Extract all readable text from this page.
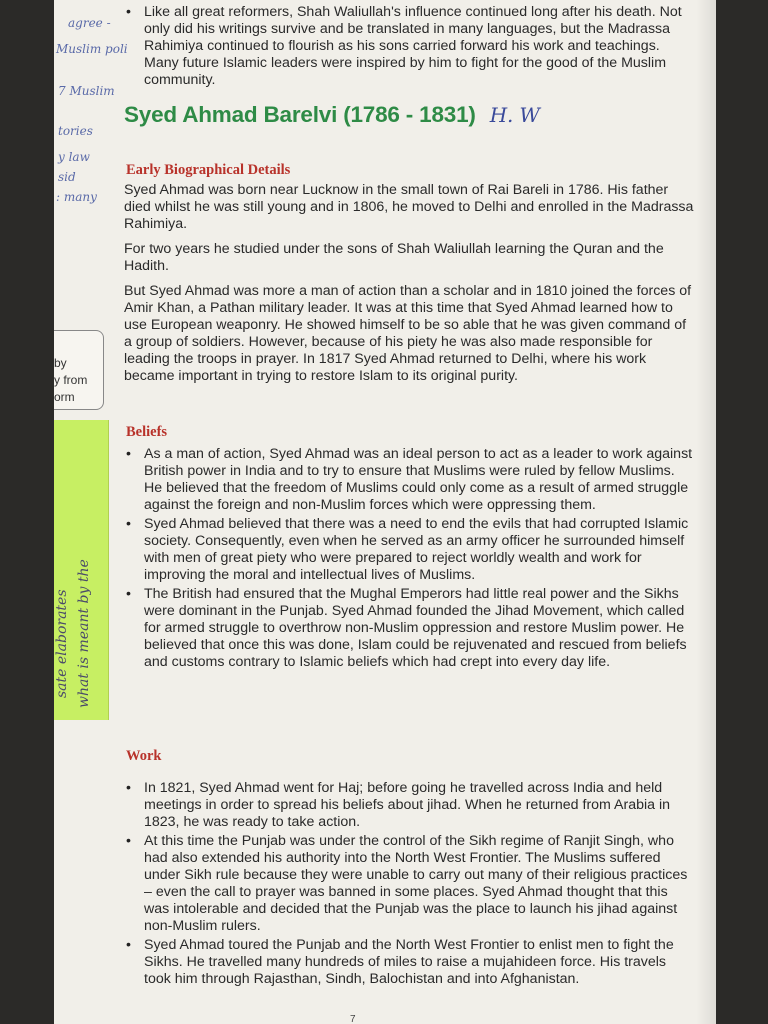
agree -
Muslim poli
7 Muslim
tories
y law
sid
: many

• Like all great reformers, Shah Waliullah's influence continued long after his death. Not only did his writings survive and be translated in many languages, but the Madrassa Rahimiya continued to flourish as his sons carried forward his work and teachings. Many future Islamic leaders were inspired by him to fight for the good of the Muslim community.

Syed Ahmad Barelvi (1786 - 1831) H. W
Early Biographical Details

Syed Ahmad was born near Lucknow in the small town of Rai Bareli in 1786. His father died whilst he was still young and in 1806, he moved to Delhi and enrolled in the Madrassa Rahimiya.

For two years he studied under the sons of Shah Waliullah learning the Quran and the Hadith.

But Syed Ahmad was more a man of action than a scholar and in 1810 joined the forces of Amir Khan, a Pathan military leader. It was at this time that Syed Ahmad learned how to use European weaponry. He showed himself to be so able that he was given command of a group of soldiers. However, because of his piety he was also made responsible for leading the troops in prayer. In 1817 Syed Ahmad returned to Delhi, where his work became important in trying to restore Islam to its original purity.

by
y from
orm
what is meant by the
sate elaborates
Beliefs

• As a man of action, Syed Ahmad was an ideal person to act as a leader to work against British power in India and to try to ensure that Muslims were ruled by fellow Muslims. He believed that the freedom of Muslims could only come as a result of armed struggle against the foreign and non-Muslim forces which were oppressing them.

• Syed Ahmad believed that there was a need to end the evils that had corrupted Islamic society. Consequently, even when he served as an army officer he surrounded himself with men of great piety who were prepared to reject worldly wealth and work for improving the moral and intellectual lives of Muslims.

• The British had ensured that the Mughal Emperors had little real power and the Sikhs were dominant in the Punjab. Syed Ahmad founded the Jihad Movement, which called for armed struggle to overthrow non-Muslim oppression and restore Muslim power. He believed that once this was done, Islam could be rejuvenated and rescued from beliefs and customs contrary to Islamic beliefs which had crept into every day life.

Work

• In 1821, Syed Ahmad went for Haj; before going he travelled across India and held meetings in order to spread his beliefs about jihad. When he returned from Arabia in 1823, he was ready to take action.

• At this time the Punjab was under the control of the Sikh regime of Ranjit Singh, who had also extended his authority into the North West Frontier. The Muslims suffered under Sikh rule because they were unable to carry out many of their religious practices – even the call to prayer was banned in some places. Syed Ahmad thought that this was intolerable and decided that the Punjab was the place to launch his jihad against non-Muslim rulers.

• Syed Ahmad toured the Punjab and the North West Frontier to enlist men to fight the Sikhs. He travelled many hundreds of miles to raise a mujahideen force. His travels took him through Rajasthan, Sindh, Balochistan and into Afghanistan.

7
